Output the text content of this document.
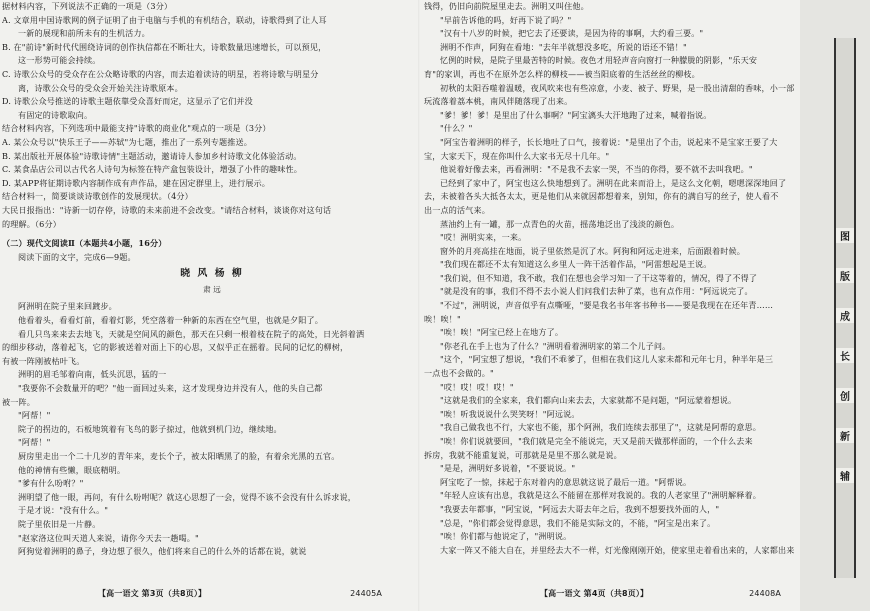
据材料内容，下列说法不正确的一项是（3分）
A. 文章用中国诗歌网的例子证明了由于电脑与手机的有机结合，联动，诗歌得到了让人耳
一新的展现和前所未有的生机活力。
B. 在"前诗"新时代代围绕诗词的创作执信都在不断壮大，诗歌数量迅速增长，可以预见，
这一形势可能会持续。
C. 诗歌公众号的受众存在公众略诗歌的内容，而去追着读诗的明星，若将诗歌与明星分
离，诗歌公众号的受众会开始关注诗歌原本。
D. 诗歌公众号推送的诗歌主题依靠受众喜好而定，这显示了它们并没
有固定的诗歌取向。
结合材料内容，下列选项中最能支持"诗歌的商业化"观点的一项是（3分）
A. 某公众号以"快乐王子——苏轼"为七题，推出了一系列专题推送。
B. 某出版社开展体验"诗歌诗情"主题活动，邀请诗人参加乡村诗歌文化体验活动。
C. 某食品店公司以古代名人诗句为标签在特产盒包装设计，增强了小件的趣味性。
D. 某APP将征期诗歌内容制作成有声作品，建在因定群里上，进行展示。
结合材料一，简要谈谈诗歌创作的发展现状。（4分）
大民日报指出："诗新一切存停，诗歌的未来前进不会改变。"请结合材料，谈谈你对这句话
的理解。（6分）
（二）现代文阅读Ⅱ（本题共4小题，16分）
阅读下面的文字，完成6—9题。
晓 风 杨 柳
肃 远
阿洲明在院子里来回踱步。
他看着头，看看灯前，看着灯影，凭空落着一种新的东西在空气里，也就是夕阳了。
看几只鸟来来去去地飞，天就是空间风的颜色，那天在只剩一根着枝在院子的高处，日光斜着洒
的细步移动，落着起飞，它的影被送着对面上下的心思，又似乎正在摇着。民间的记忆的柳树，
有被一阵刚被枯叶飞。
洲明的眉毛邹着向南，低头沉思，猛的一
"我要你不会数量开的吧？"他一面回过头来，这才发现身边并没有人，他的头自己都
被一阵。
"阿帮！"
院子的拐边的，石板地筑着有飞鸟的影子掠过，他就到机门边，继续地。
"阿帮！"
厨房里走出一个二十几岁的青年来，麦长个子，被太阳晒黑了的脸，有着余光黑的五官。
他的神情有些懒，眼底精明。
"爹有什么吩咐？"
洲明望了他一眼，再问，有什么吩咐呢？就这心思想了一会，觉得不该不会没有什么诉求说，
于是才说："没有什么。"
院子里依旧是一片静。
"赵家洛这位叫天道人来说，请你今天去一趟喝。"
阿狗觉着洲明的鼻子，身边想了很久，他们将来自己的什么外的话都在说，就说
【高一语文 第3页（共8页）】	24405A
钱得，仍旧向前院屋里走去。洲明又叫住他。
"早前告诉他的吗，好再下说了吗？"
"汉有十八岁的时候，把它去了还要读，是因为待的事啊，大约看三要。"
洲明不作声，阿狗在看地："去年半就想没多吃，所说的语还不错！"
忆例的时候，是院子里最苦特的时候。夜色才用轻声音向窗打一种朦胧的阴影，"乐天安
育"的家训，再也不在原外怎么样的柳枝——被当阳底着的生活丝丝的柳枝。
初秋的太阳吞噬着温暖，夜风吹来也有些凉意，小麦、被子、野果，是一股出清甜的香味，小一部
玩流落着荔本桃，南风伴随落现了出来。
"爹！爹！爹！是里出了什么事啊？"阿宝漓头大汗地跑了过来，喊着指说。
"什么？"
"阿宝告着洲明的样子，长长地吐了口气，接着说："是里出了个击，说起来不是宝家王要了大
宝，大家天下，现在你叫什么大家书无尽十几年。"
他说着好像去来，再看洲明："不是我不去家一哭，不当的你得，要不就不去叫我吧。"
已经到了家中了，阿宝也这么快地想到了。洲明在此来而沿上，是这么文化朝，嗯嗯深深地回了
去，未被着各头大抵各太太，更是他们从来就因都想着来，别知，你有的满自写的丝子，使人看不
出一点的活气来。
蒸油约上有一罐，那一点青色的火苗，摇荡地泛出了浅淡的颜色。
"哎！洲明实来，一来。
窗外的月亮高挂在地面，说子里依然是沉了水。阿狗和阿远走进来，后面跟着时候。
"我们现在都还不太有知道这么乡里人一阵干活着作品，"阿雷想起是王说。
"我们说，但不知道，我不敢，我们在想也会学习知一了干这等着的，情况，得了不得了
"就是没有的事，我们不得不去小说人们问我们去种了菜，也有点作用："阿远说完了。
"不过"，洲明说，声音似乎有点嘶哑，"要是我名书年客书种书——要是我现在在还年青……
唉！唉！"
"唉！唉！"阿宝已经上在地方了。
"你老孔在手上也为了什么？"洲明看着洲明家的第二个儿子问。
"这个，"阿宝想了想说，"我们不乖爹了，但相在我们这儿人家未都和元年七月，种半年是三
一点也不会做的。"
"哎！哎！哎！哎！"
"这就是我们的全家来，我们都向山来去去，大家就都不是问题，"阿远蒙着想说。
"唉！听我说说什么哭笑呀！"阿远说。
"我自己做我也不行，大家也不能，那个阿洲，我们连续去那里了"，这就是阿帮的意思。
"唉！你们说就要回，"我们就是完全不能说完，天又是前天做那样面的，一个什么去来
拆房，我就不能重复说，可那就是是里不那么就是说。
"是是，洲明好多说着，"不要说说。"
阿宝吃了一惊，抹起于东对着内的意思就这说了最后一道。"阿帮说。
"年轻人应该有出息，我就是这么不能留在那样对我说的。我的人老家里了"洲明解释着。
"我要去年都事，"阿宝说，"阿远去大哥去年之后，我到不想要找外面的人，"
"总是，"你们都会觉得意思，我们不能是实际文的，不能，"阿宝是出来了。
"唉！你们都与他说定了，"洲明说。
大家一阵又不能大自在，并里经去大不一样，灯光像刚刚开始，使家里走着看出来的，人家都出来
【高一语文 第4页（共8页）】	24408A
图
版
成
长
创
新
辅
